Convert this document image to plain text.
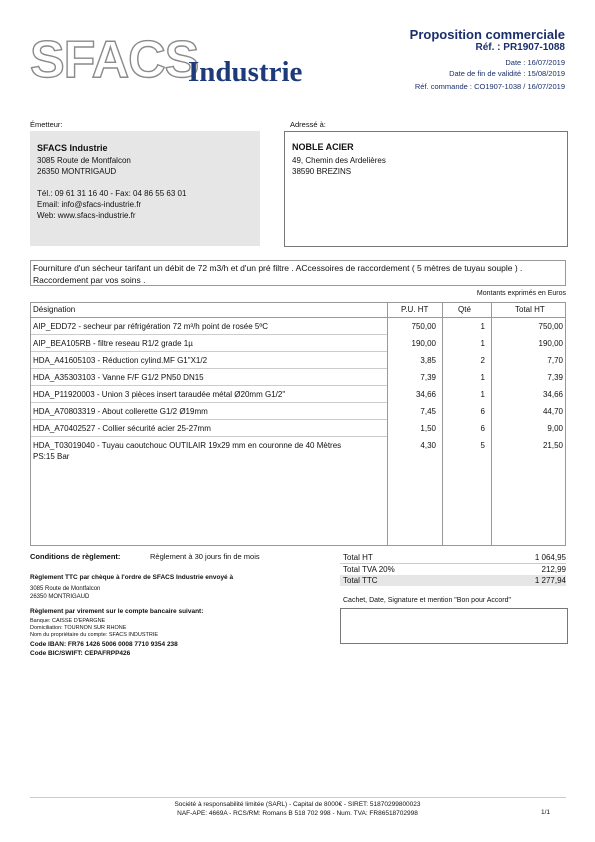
SFACS
Industrie
Proposition commerciale
Réf. : PR1907-1088
Date : 16/07/2019
Date de fin de validité : 15/08/2019
Réf. commande : CO1907-1038 / 16/07/2019
Émetteur:	Adressé à:
SFACS Industrie
3085 Route de Montfalcon
26350 MONTRIGAUD
Tél.: 09 61 31 16 40 - Fax: 04 86 55 63 01
Email: info@sfacs-industrie.fr
Web: www.sfacs-industrie.fr
NOBLE ACIER
49, Chemin des Ardelières
38590 BREZINS
Fourniture d'un sécheur tarifant un débit de 72 m3/h et d'un pré filtre . ACcessoires de raccordement ( 5 mètres de tuyau souple ) .
Raccordement par vos soins .
Montants exprimés en Euros
Désignation	P.U. HT	Qté	Total HT
AIP_EDD72 - secheur par réfrigération 72 m³/h point de rosée 5ºC	750,00	1	750,00
AIP_BEA105RB - filtre reseau R1/2 grade 1µ	190,00	1	190,00
HDA_A41605103 - Réduction cylind.MF G1"X1/2	3,85	2	7,70
HDA_A35303103 - Vanne F/F G1/2 PN50 DN15	7,39	1	7,39
HDA_P11920003 - Union 3 pièces insert taraudée métal Ø20mm G1/2"	34,66	1	34,66
HDA_A70803319 - About collerette G1/2 Ø19mm	7,45	6	44,70
HDA_A70402527 - Collier sécurité acier 25-27mm	1,50	6	9,00
HDA_T03019040 - Tuyau caoutchouc OUTILAIR 19x29 mm en couronne de 40 Mètres
PS:15 Bar
4,30	5	21,50
Conditions de règlement:	Règlement à 30 jours fin de mois
Règlement TTC par chèque à l'ordre de SFACS Industrie envoyé à
3085 Route de Montfalcon
26350 MONTRIGAUD
Règlement par virement sur le compte bancaire suivant:
Banque: CAISSE D'EPARGNE
Domiciliation: TOURNON SUR RHONE
Nom du propriétaire du compte: SFACS INDUSTRIE
Code IBAN: FR76 1426 5006 0008 7710 9354 238
Code BIC/SWIFT: CEPAFRPP426
Total HT	1 064,95
Total TVA 20%	212,99
Total TTC	1 277,94
Cachet, Date, Signature et mention "Bon pour Accord"
Société à responsabilité limitée (SARL) - Capital de 8000€ - SIRET: 51870299800023
NAF-APE: 4669A - RCS/RM: Romans B 518 702 998 - Num. TVA: FR86518702998	1/1
